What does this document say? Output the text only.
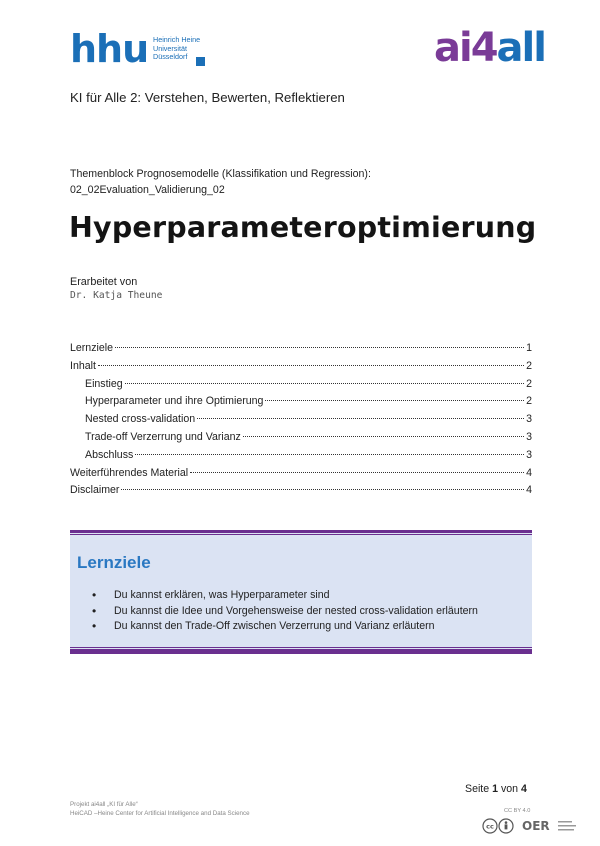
hhu Heinrich Heine
Universität
Düsseldorf	ai4all
KI für Alle 2: Verstehen, Bewerten, Reflektieren
Themenblock Prognosemodelle (Klassifikation und Regression):
02_02Evaluation_Validierung_02
Hyperparameteroptimierung
Erarbeitet von
Dr. Katja Theune
Lernziele	1
Inhalt	2
Einstieg	2
Hyperparameter und ihre Optimierung	2
Nested cross-validation	3
Trade-off Verzerrung und Varianz	3
Abschluss	3
Weiterführendes Material	4
Disclaimer	4
Lernziele
• Du kannst erklären, was Hyperparameter sind
• Du kannst die Idee und Vorgehensweise der nested cross-validation erläutern
• Du kannst den Trade-Off zwischen Verzerrung und Varianz erläutern
Seite 1 von 4
Projekt ai4all „KI für Alle“
HeiCAD –Heine Center for Artificial Intelligence and Data Science	CC BY 4.0
cc OER
